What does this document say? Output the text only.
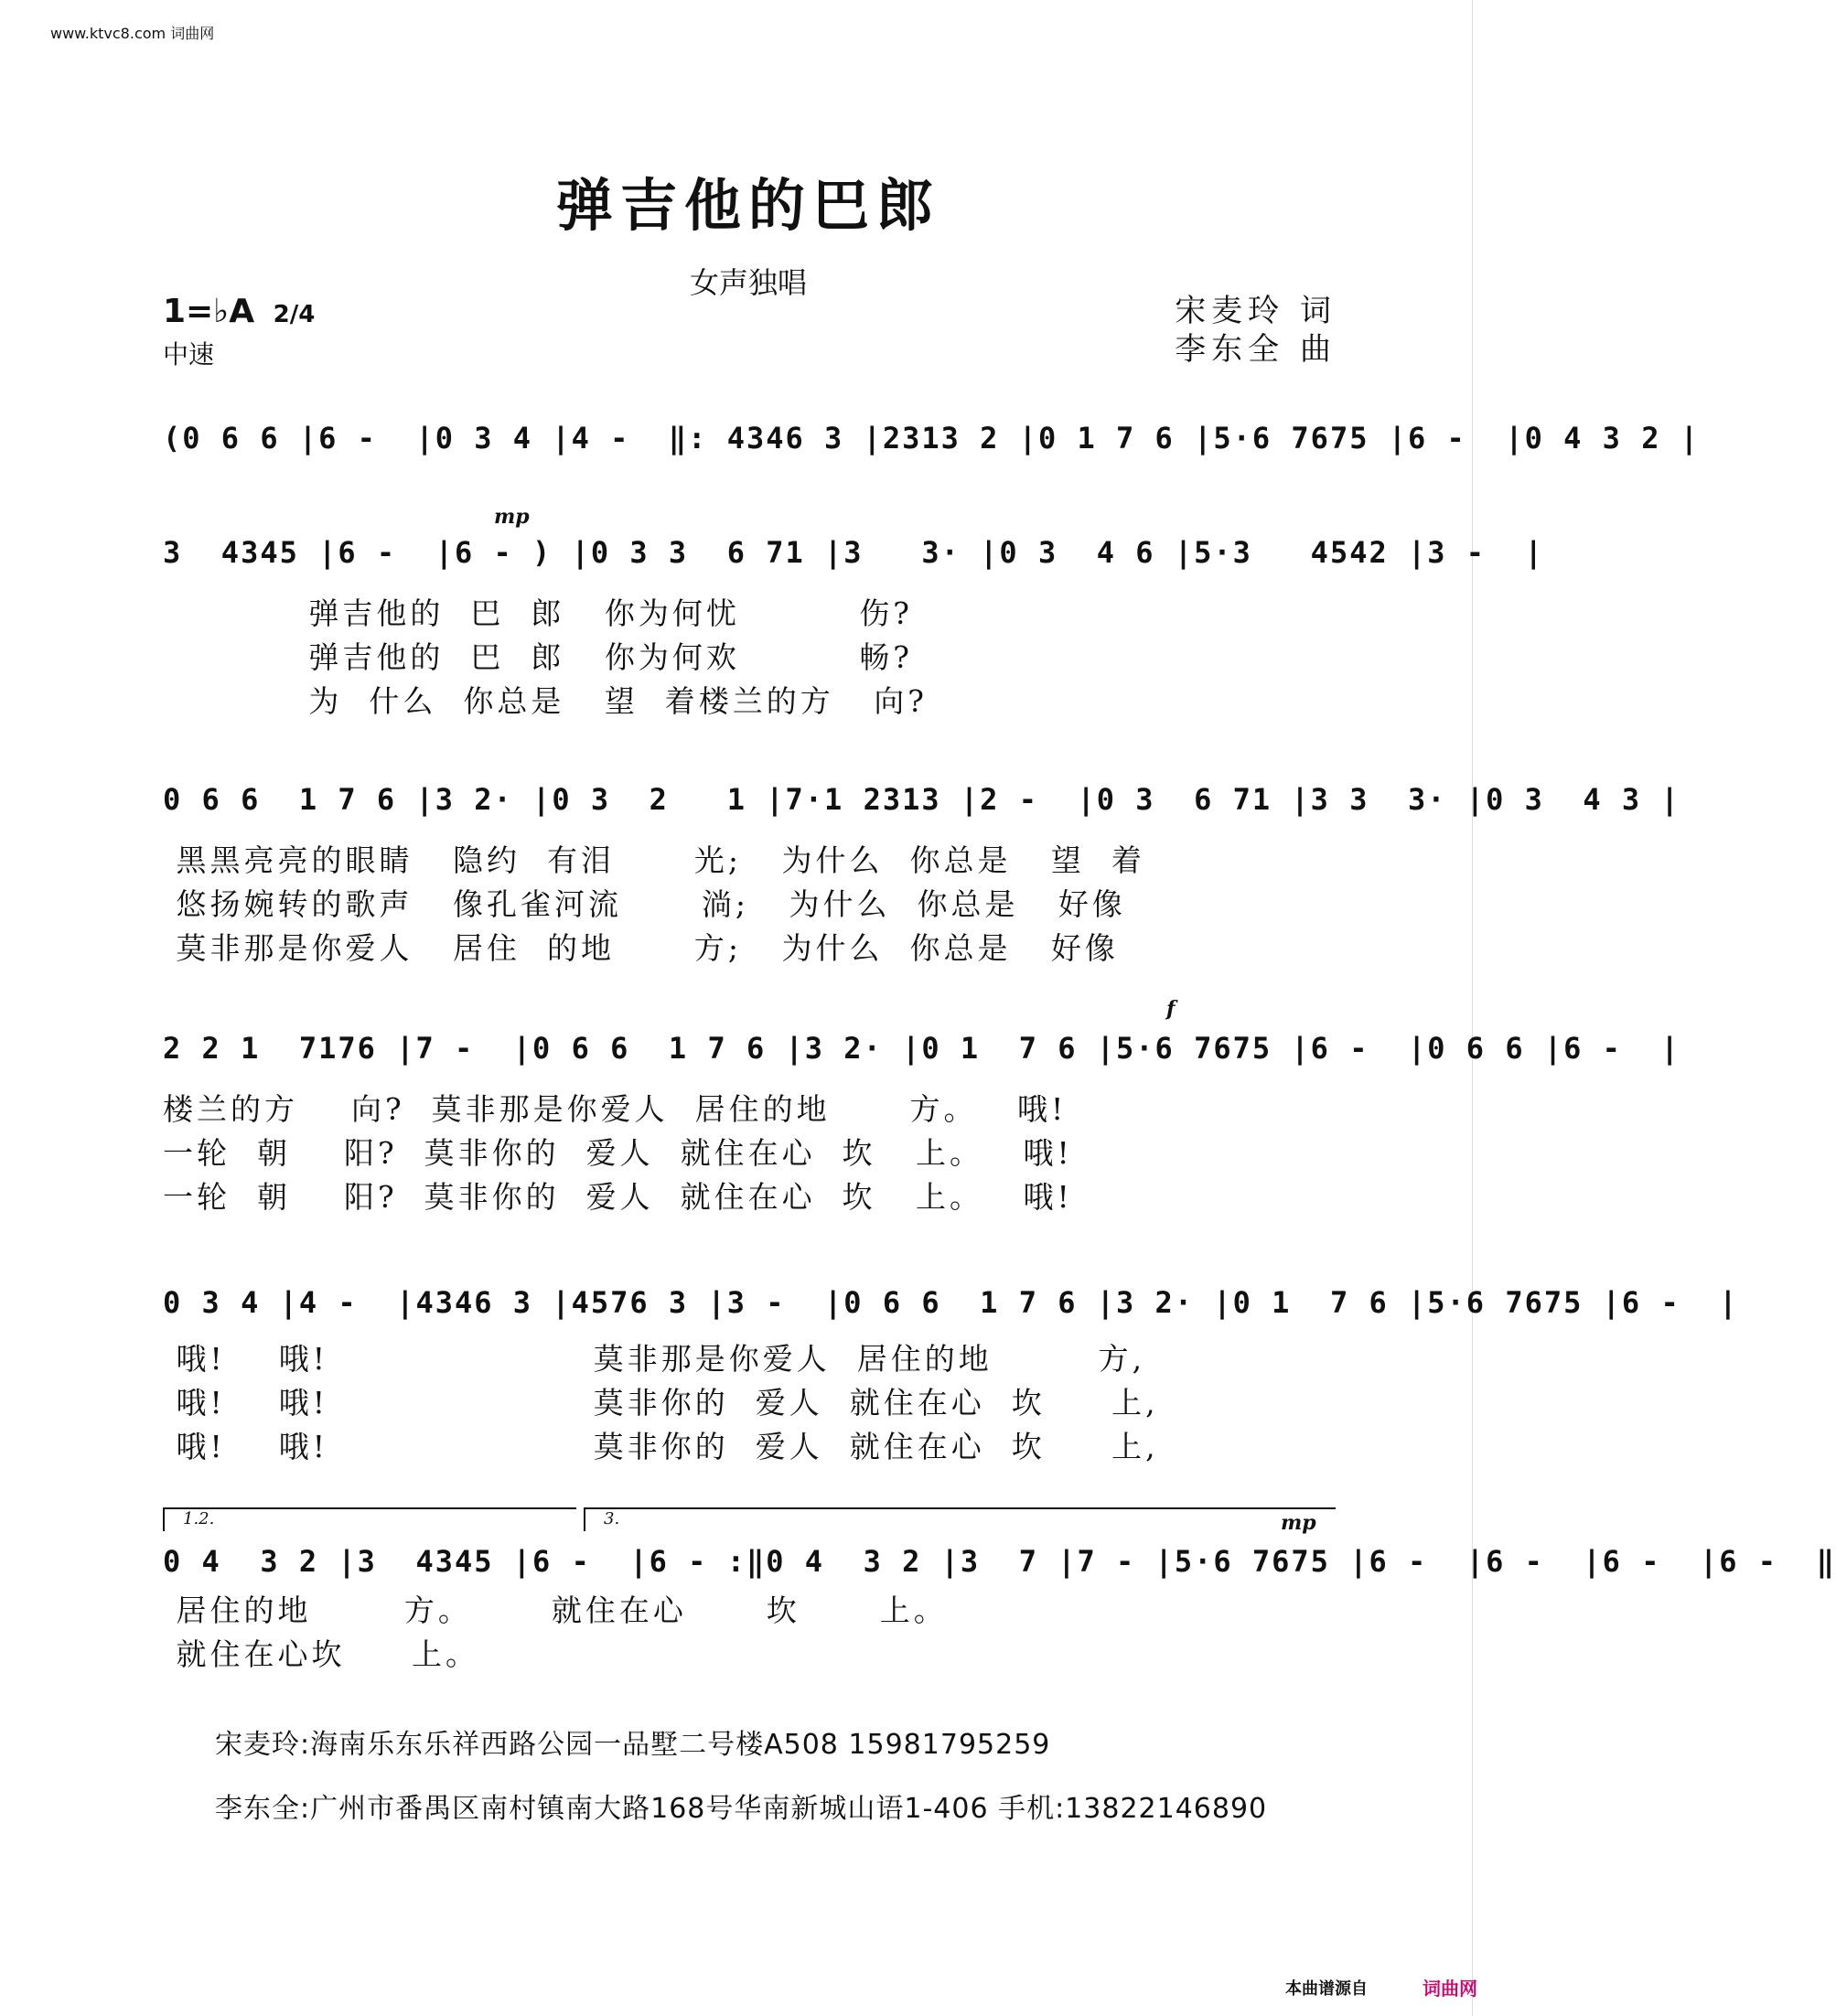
www.ktvc8.com 词曲网
弹吉他的巴郎
女声独唱
宋麦玲 词
李东全 曲
1=♭A 2/4
中速
(0 6 6 |6 -  |0 3 4 |4 -  ‖: 4346 3 |2313 2 |0 1 7 6 |5·6 7675 |6 -  |0 4 3 2 |
mp
3  4345 |6 -  |6 - ) |0 3 3  6 71 |3   3· |0 3  4 6 |5·3   4542 |3 -  |
弹吉他的  巴  郎   你为何忧         伤?
弹吉他的  巴  郎   你为何欢         畅?
为  什么  你总是   望  着楼兰的方   向?
0 6 6  1 7 6 |3 2· |0 3  2   1 |7·1 2313 |2 -  |0 3  6 71 |3 3  3· |0 3  4 3 |
黑黑亮亮的眼睛   隐约  有泪      光;   为什么  你总是   望  着
悠扬婉转的歌声   像孔雀河流      淌;   为什么  你总是   好像
莫非那是你爱人   居住  的地      方;   为什么  你总是   好像
f
2 2 1  7176 |7 -  |0 6 6  1 7 6 |3 2· |0 1  7 6 |5·6 7675 |6 -  |0 6 6 |6 -  |
楼兰的方    向?  莫非那是你爱人  居住的地      方。   哦!
一轮  朝    阳?  莫非你的  爱人  就住在心  坎   上。   哦!
一轮  朝    阳?  莫非你的  爱人  就住在心  坎   上。   哦!
0 3 4 |4 -  |4346 3 |4576 3 |3 -  |0 6 6  1 7 6 |3 2· |0 1  7 6 |5·6 7675 |6 -  |
哦!    哦!                    莫非那是你爱人  居住的地        方,
哦!    哦!                    莫非你的  爱人  就住在心  坎     上,
哦!    哦!                    莫非你的  爱人  就住在心  坎     上,
1.2.	3.	mp
0 4  3 2 |3  4345 |6 -  |6 - :‖0 4  3 2 |3  7 |7 - |5·6 7675 |6 -  |6 -  |6 -  |6 -  ‖
居住的地       方。      就住在心      坎      上。
就住在心坎     上。
宋麦玲:海南乐东乐祥西路公园一品墅二号楼A508 15981795259
李东全:广州市番禺区南村镇南大路168号华南新城山语1-406 手机:13822146890
本曲谱源自	词曲网
